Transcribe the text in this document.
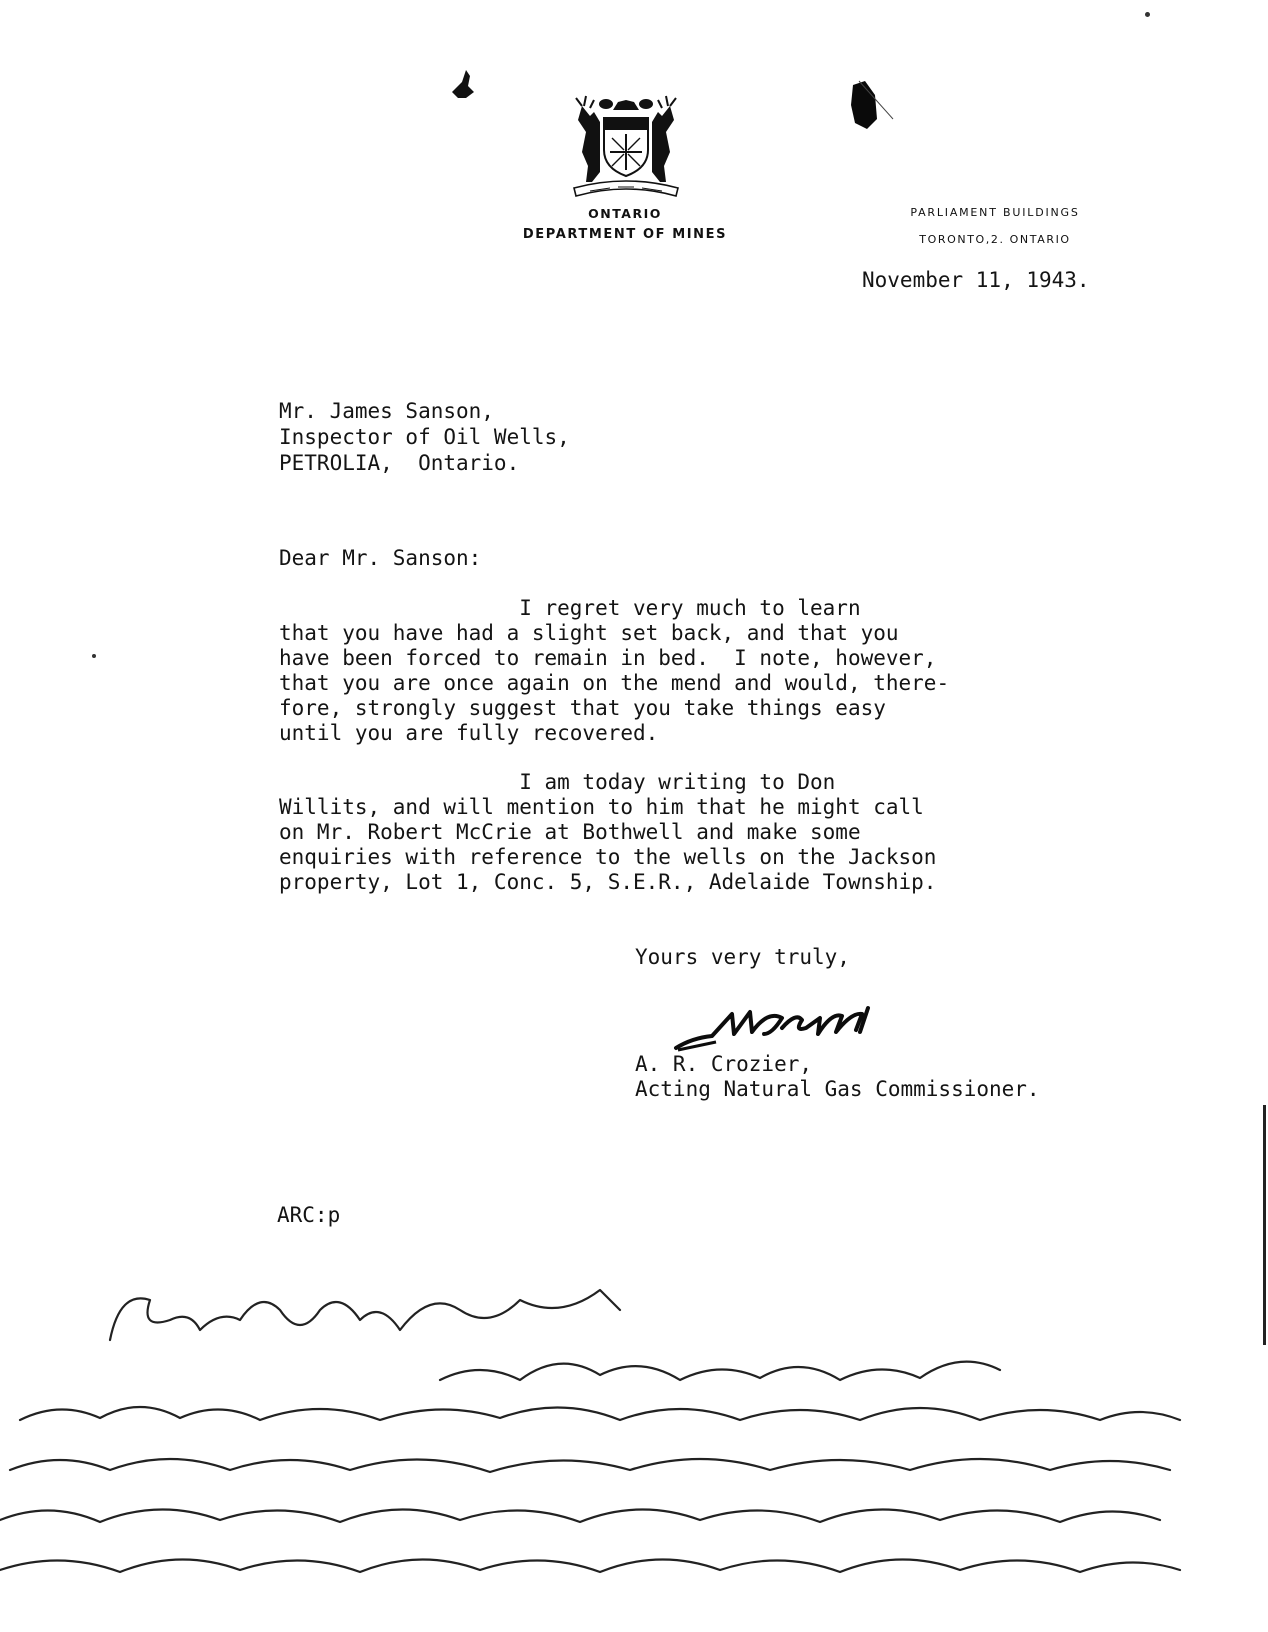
ONTARIO
DEPARTMENT OF MINES
PARLIAMENT BUILDINGS
TORONTO,2. ONTARIO
November 11, 1943.
Mr. James Sanson,
Inspector of Oil Wells,
PETROLIA,  Ontario.
Dear Mr. Sanson:
I regret very much to learn
that you have had a slight set back, and that you
have been forced to remain in bed.  I note, however,
that you are once again on the mend and would, there-
fore, strongly suggest that you take things easy
until you are fully recovered.
I am today writing to Don
Willits, and will mention to him that he might call
on Mr. Robert McCrie at Bothwell and make some
enquiries with reference to the wells on the Jackson
property, Lot 1, Conc. 5, S.E.R., Adelaide Township.
Yours very truly,
A. R. Crozier,
Acting Natural Gas Commissioner.
ARC:p
